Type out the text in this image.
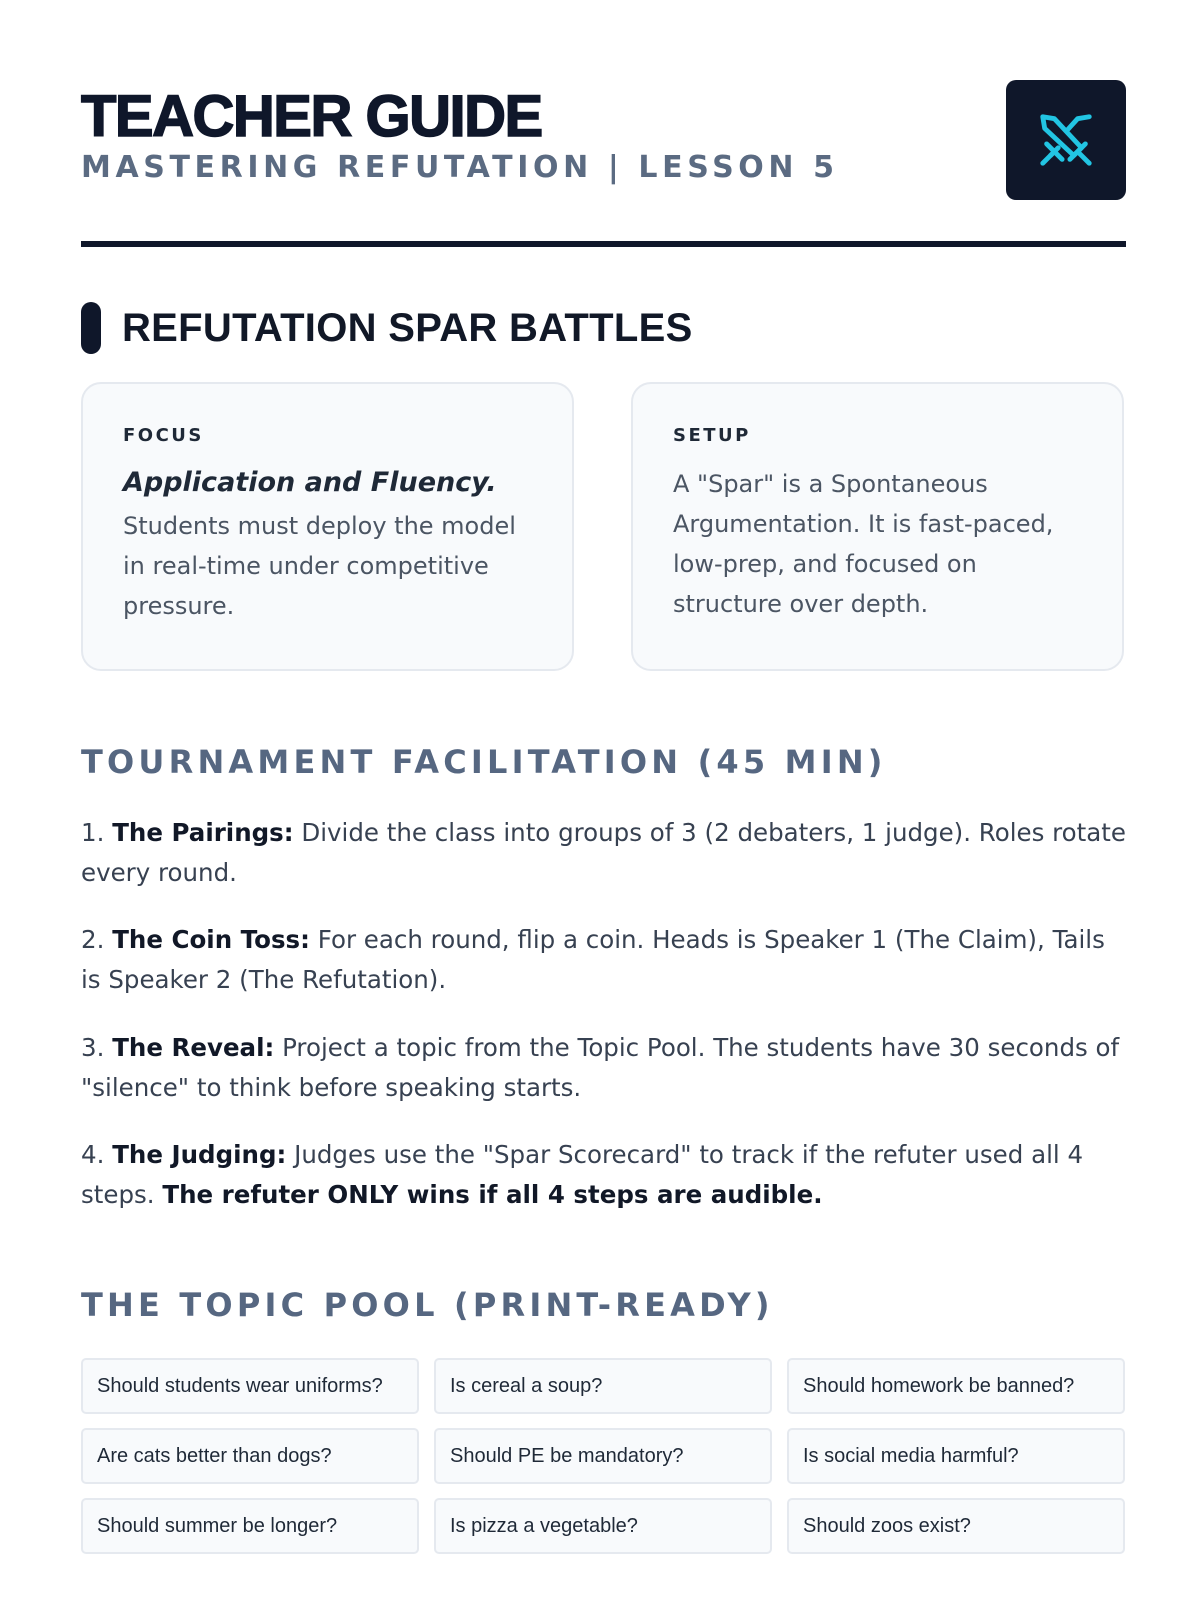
TEACHER GUIDE

MASTERING REFUTATION | LESSON 5

REFUTATION SPAR BATTLES

FOCUS

Application and Fluency.

Students must deploy the model in real-time under competitive pressure.

SETUP

A "Spar" is a Spontaneous Argumentation. It is fast-paced, low-prep, and focused on structure over depth.

TOURNAMENT FACILITATION (45 MIN)

1. The Pairings: Divide the class into groups of 3 (2 debaters, 1 judge). Roles rotate every round.

2. The Coin Toss: For each round, flip a coin. Heads is Speaker 1 (The Claim), Tails is Speaker 2 (The Refutation).

3. The Reveal: Project a topic from the Topic Pool. The students have 30 seconds of "silence" to think before speaking starts.

4. The Judging: Judges use the "Spar Scorecard" to track if the refuter used all 4 steps. The refuter ONLY wins if all 4 steps are audible.

THE TOPIC POOL (PRINT-READY)
Should students wear uniforms?	Is cereal a soup?	Should homework be banned?
Are cats better than dogs?	Should PE be mandatory?	Is social media harmful?
Should summer be longer?	Is pizza a vegetable?	Should zoos exist?
